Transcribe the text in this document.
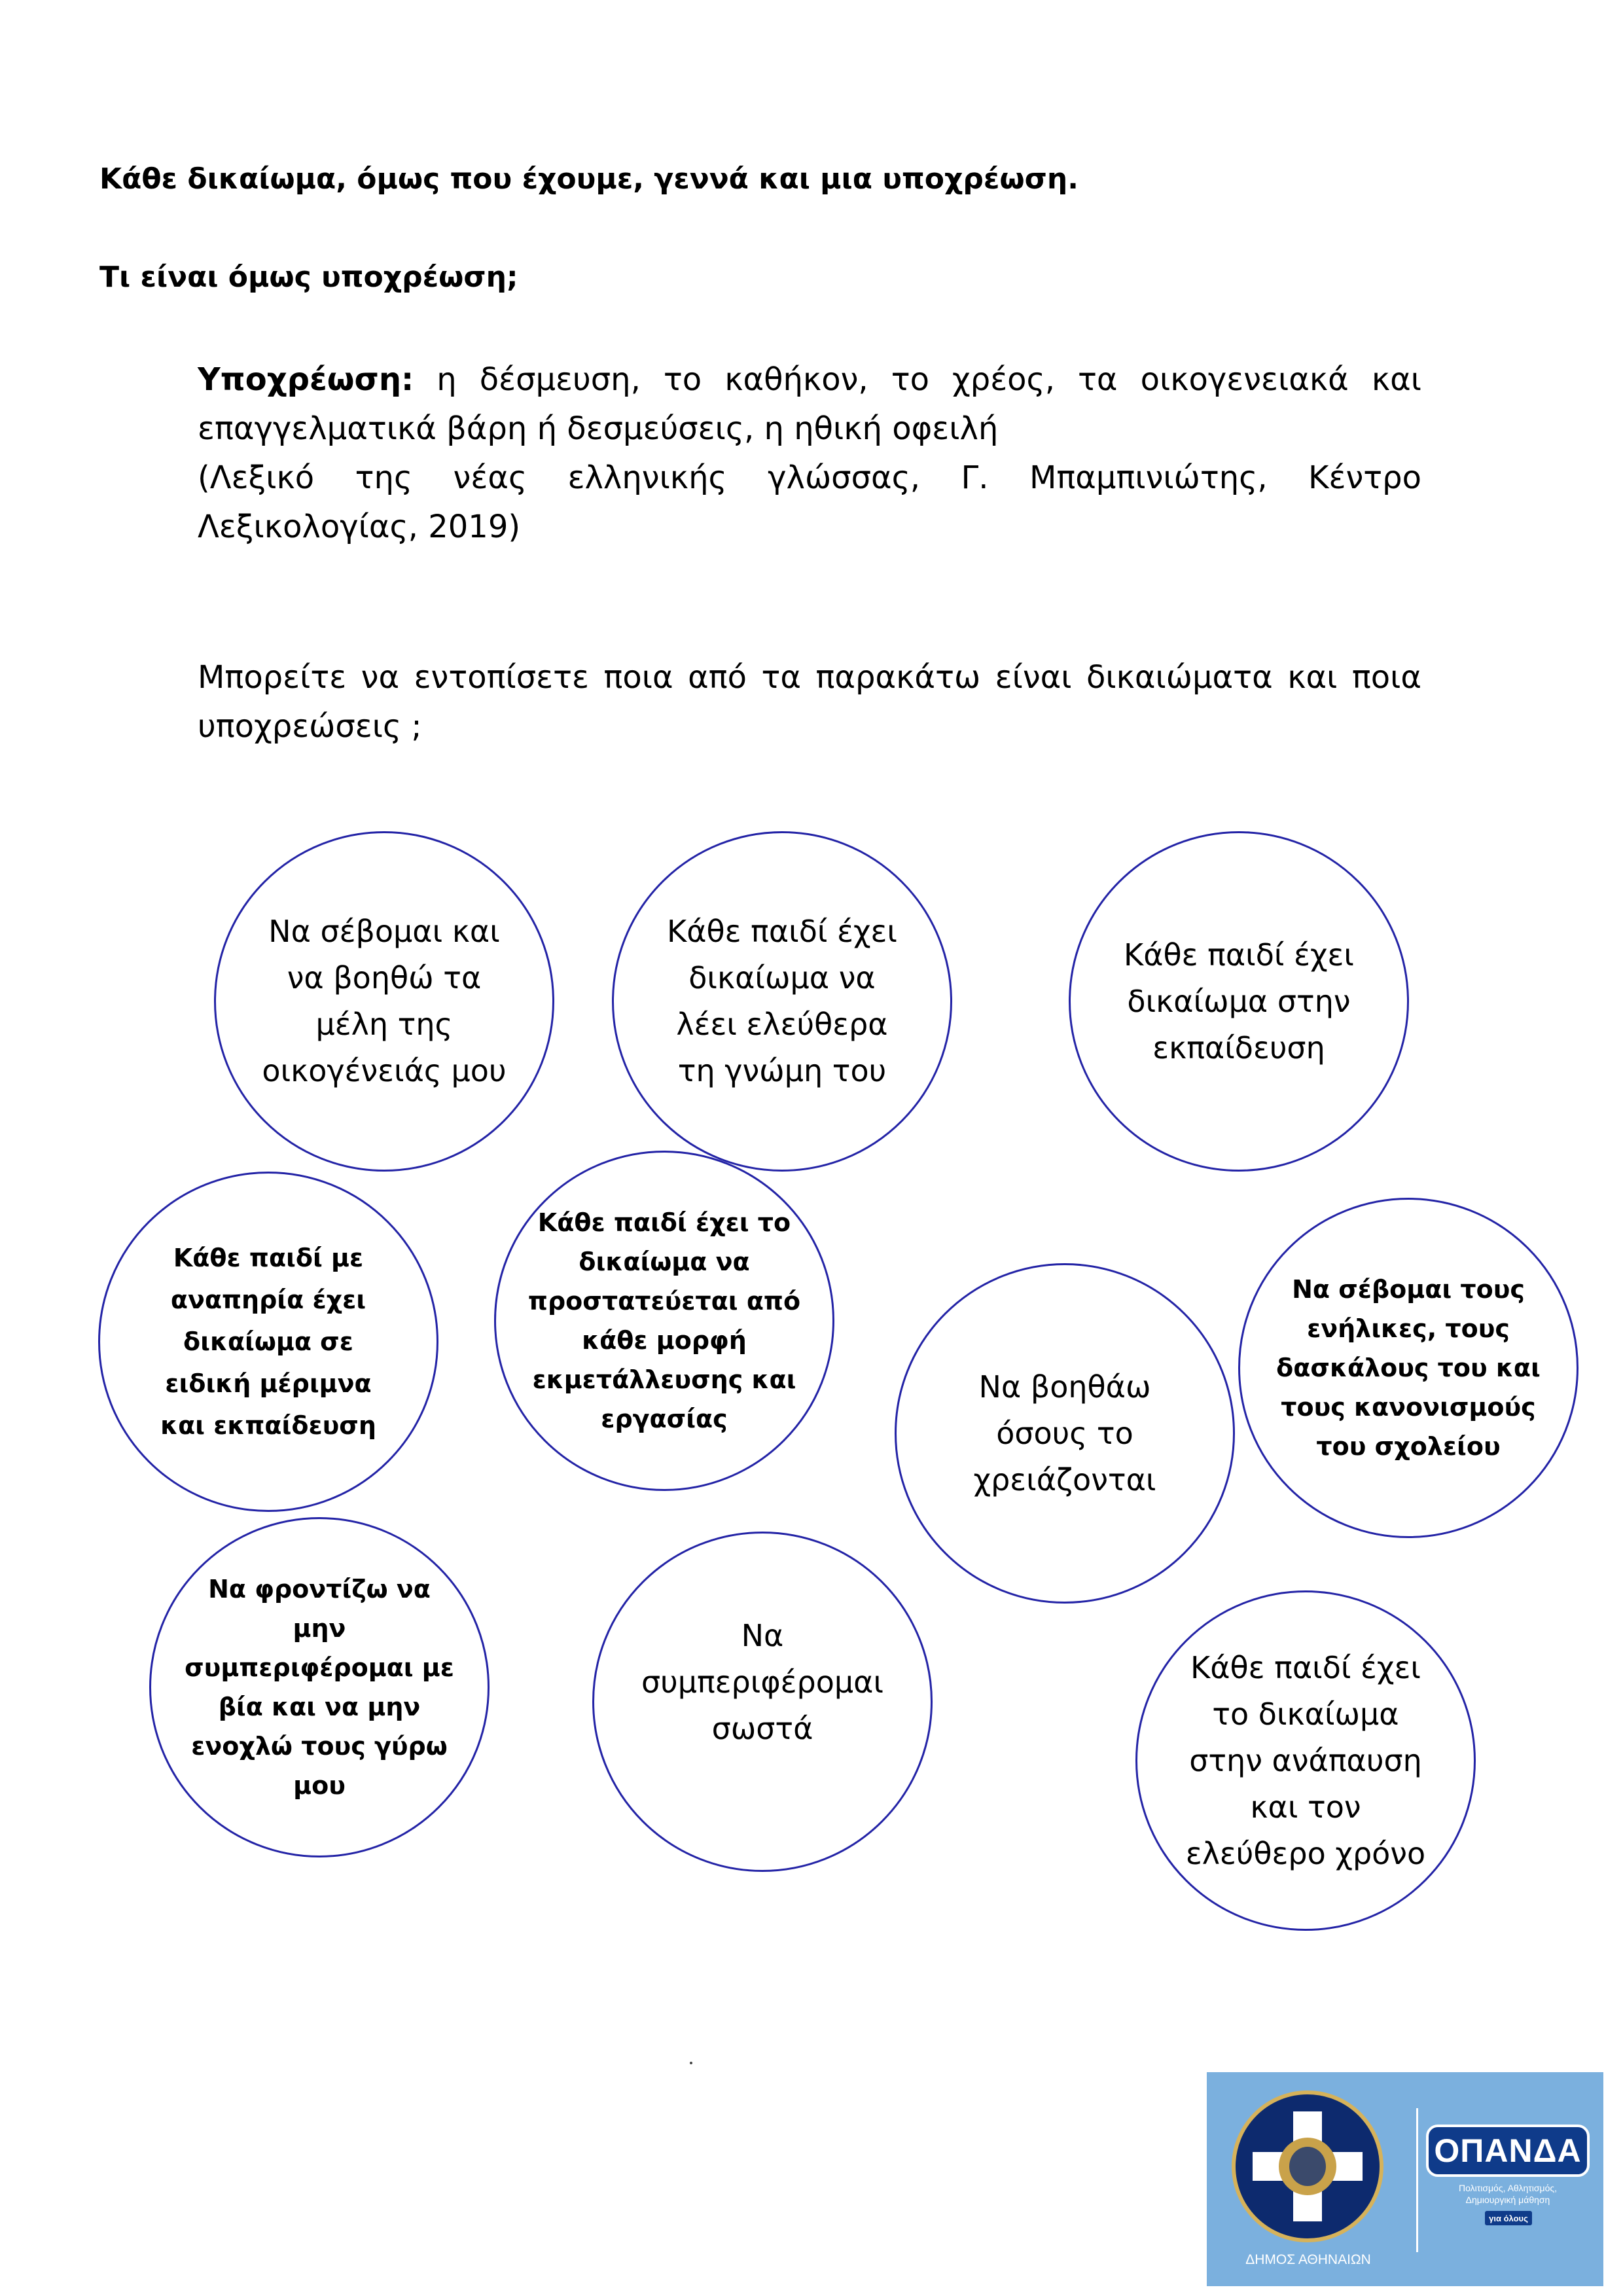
Κάθε δικαίωμα, όμως που έχουμε, γεννά και μια υποχρέωση.
Τι είναι όμως υποχρέωση;
Υποχρέωση: η δέσμευση, το καθήκον, το χρέος, τα οικογενειακά και επαγγελματικά βάρη ή δεσμεύσεις, η ηθική οφειλή
(Λεξικό της νέας ελληνικής γλώσσας, Γ. Μπαμπινιώτης, Κέντρο Λεξικολογίας, 2019)
Μπορείτε να εντοπίσετε ποια από τα παρακάτω είναι δικαιώματα και ποια υποχρεώσεις ;
Να σέβομαι και
να βοηθώ τα
μέλη της
οικογένειάς μου
Κάθε παιδί έχει
δικαίωμα να
λέει ελεύθερα
τη γνώμη του
Κάθε παιδί έχει
δικαίωμα στην
εκπαίδευση
Κάθε παιδί με
αναπηρία έχει
δικαίωμα σε
ειδική μέριμνα
και εκπαίδευση
Κάθε παιδί έχει το
δικαίωμα να
προστατεύεται από
κάθε μορφή
εκμετάλλευσης και
εργασίας
Να βοηθάω
όσους το
χρειάζονται
Να σέβομαι τους
ενήλικες, τους
δασκάλους του και
τους κανονισμούς
του σχολείου
Να φροντίζω να
μην
συμπεριφέρομαι με
βία και να μην
ενοχλώ τους γύρω
μου
Να
συμπεριφέρομαι
σωστά
Κάθε παιδί έχει
το δικαίωμα
στην ανάπαυση
και τον
ελεύθερο χρόνο
ΔΗΜΟΣ ΑΘΗΝΑΙΩΝ
ΟΠΑΝΔΑ
Πολιτισμός, Αθλητισμός,
Δημιουργική μάθηση
για όλους
